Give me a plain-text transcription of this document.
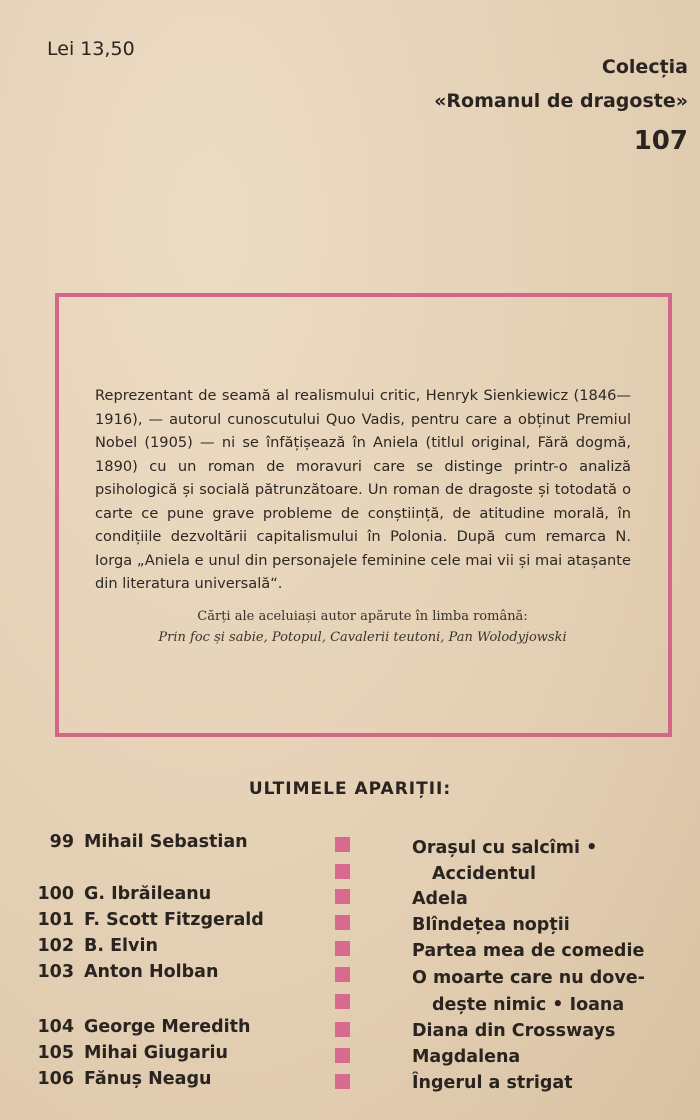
Lei 13,50
Colecția
«Romanul de dragoste»
107
Reprezentant de seamă al realismului critic, Henryk Sienkiewicz (1846—1916), — autorul cunoscutului Quo Vadis, pentru care a obținut Premiul Nobel (1905) — ni se înfățișează în Aniela (titlul original, Fără dogmă, 1890) cu un roman de moravuri care se distinge printr-o analiză psihologică și socială pătrunzătoare. Un roman de dragoste și totodată o carte ce pune grave probleme de conștiință, de atitudine morală, în condițiile dezvoltării capitalismului în Polonia. După cum remarca N. Iorga „Aniela e unul din personajele feminine cele mai vii și mai atașante din literatura universală“.
Cărți ale aceluiași autor apărute în limba română:
Prin foc și sabie, Potopul, Cavalerii teutoni, Pan Wolodyjowski
ULTIMELE APARIȚII:
99 Mihail Sebastian	Orașul cu salcîmi •
Accidentul
100 G. Ibrăileanu	Adela
101 F. Scott Fitzgerald	Blîndețea nopții
102 B. Elvin	Partea mea de comedie
103 Anton Holban	O moarte care nu dove-
dește nimic • Ioana
104 George Meredith	Diana din Crossways
105 Mihai Giugariu	Magdalena
106 Fănuș Neagu	Îngerul a strigat
